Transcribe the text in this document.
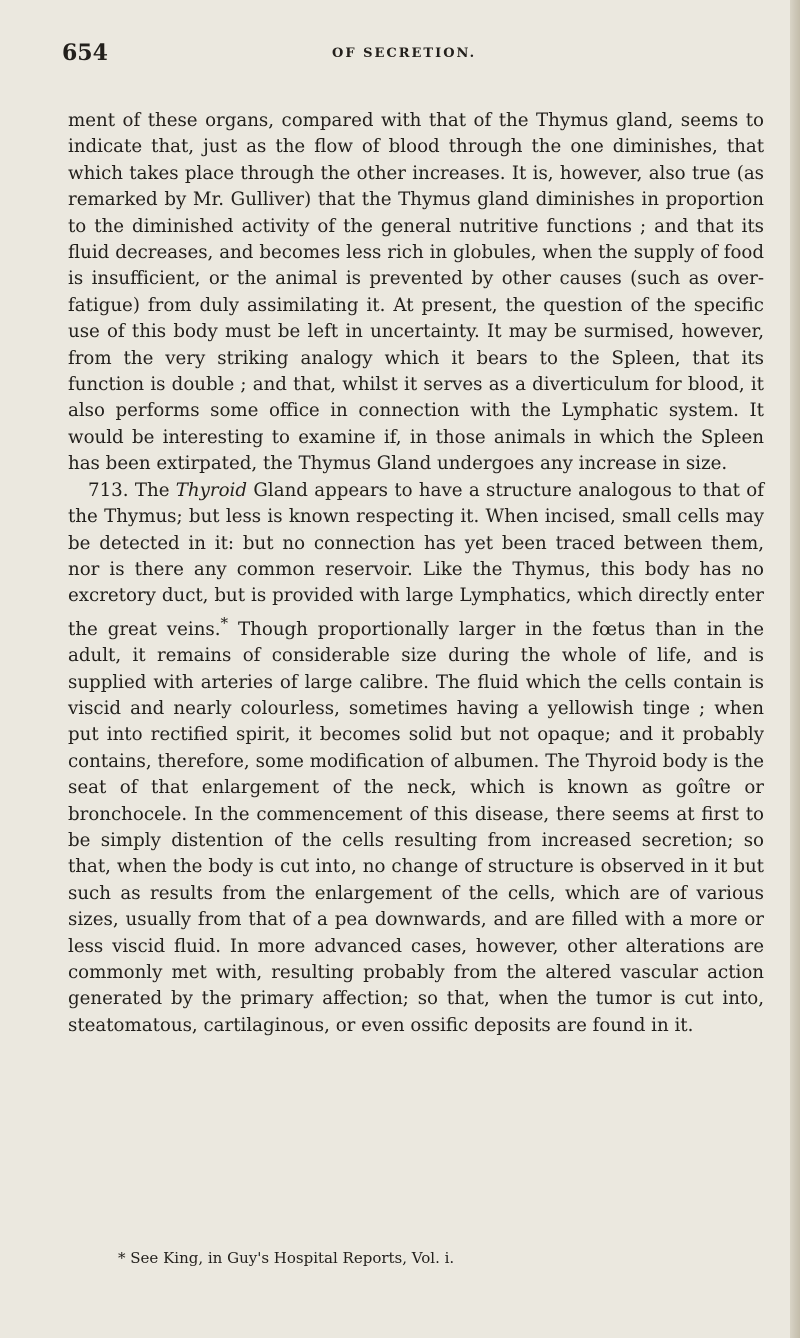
654	OF SECRETION.

ment of these organs, compared with that of the Thymus gland, seems to indicate that, just as the flow of blood through the one diminishes, that which takes place through the other increases. It is, however, also true (as remarked by Mr. Gulliver) that the Thymus gland diminishes in proportion to the diminished activity of the general nutritive functions ; and that its fluid decreases, and becomes less rich in globules, when the supply of food is insufficient, or the animal is prevented by other causes (such as over-fatigue) from duly assimilating it. At present, the question of the specific use of this body must be left in uncertainty. It may be surmised, however, from the very striking analogy which it bears to the Spleen, that its function is double ; and that, whilst it serves as a diverticulum for blood, it also performs some office in connection with the Lymphatic system. It would be interesting to examine if, in those animals in which the Spleen has been extirpated, the Thymus Gland undergoes any increase in size.

713. The Thyroid Gland appears to have a structure analogous to that of the Thymus; but less is known respecting it. When incised, small cells may be detected in it: but no connection has yet been traced between them, nor is there any common reservoir. Like the Thymus, this body has no excretory duct, but is provided with large Lymphatics, which directly enter the great veins.* Though proportionally larger in the fœtus than in the adult, it remains of considerable size during the whole of life, and is supplied with arteries of large calibre. The fluid which the cells contain is viscid and nearly colourless, sometimes having a yellowish tinge ; when put into rectified spirit, it becomes solid but not opaque; and it probably contains, therefore, some modification of albumen. The Thyroid body is the seat of that enlargement of the neck, which is known as goître or bronchocele. In the commencement of this disease, there seems at first to be simply distention of the cells resulting from increased secretion; so that, when the body is cut into, no change of structure is observed in it but such as results from the enlargement of the cells, which are of various sizes, usually from that of a pea downwards, and are filled with a more or less viscid fluid. In more advanced cases, however, other alterations are commonly met with, resulting probably from the altered vascular action generated by the primary affection; so that, when the tumor is cut into, steatomatous, cartilaginous, or even ossific deposits are found in it.

* See King, in Guy's Hospital Reports, Vol. i.
